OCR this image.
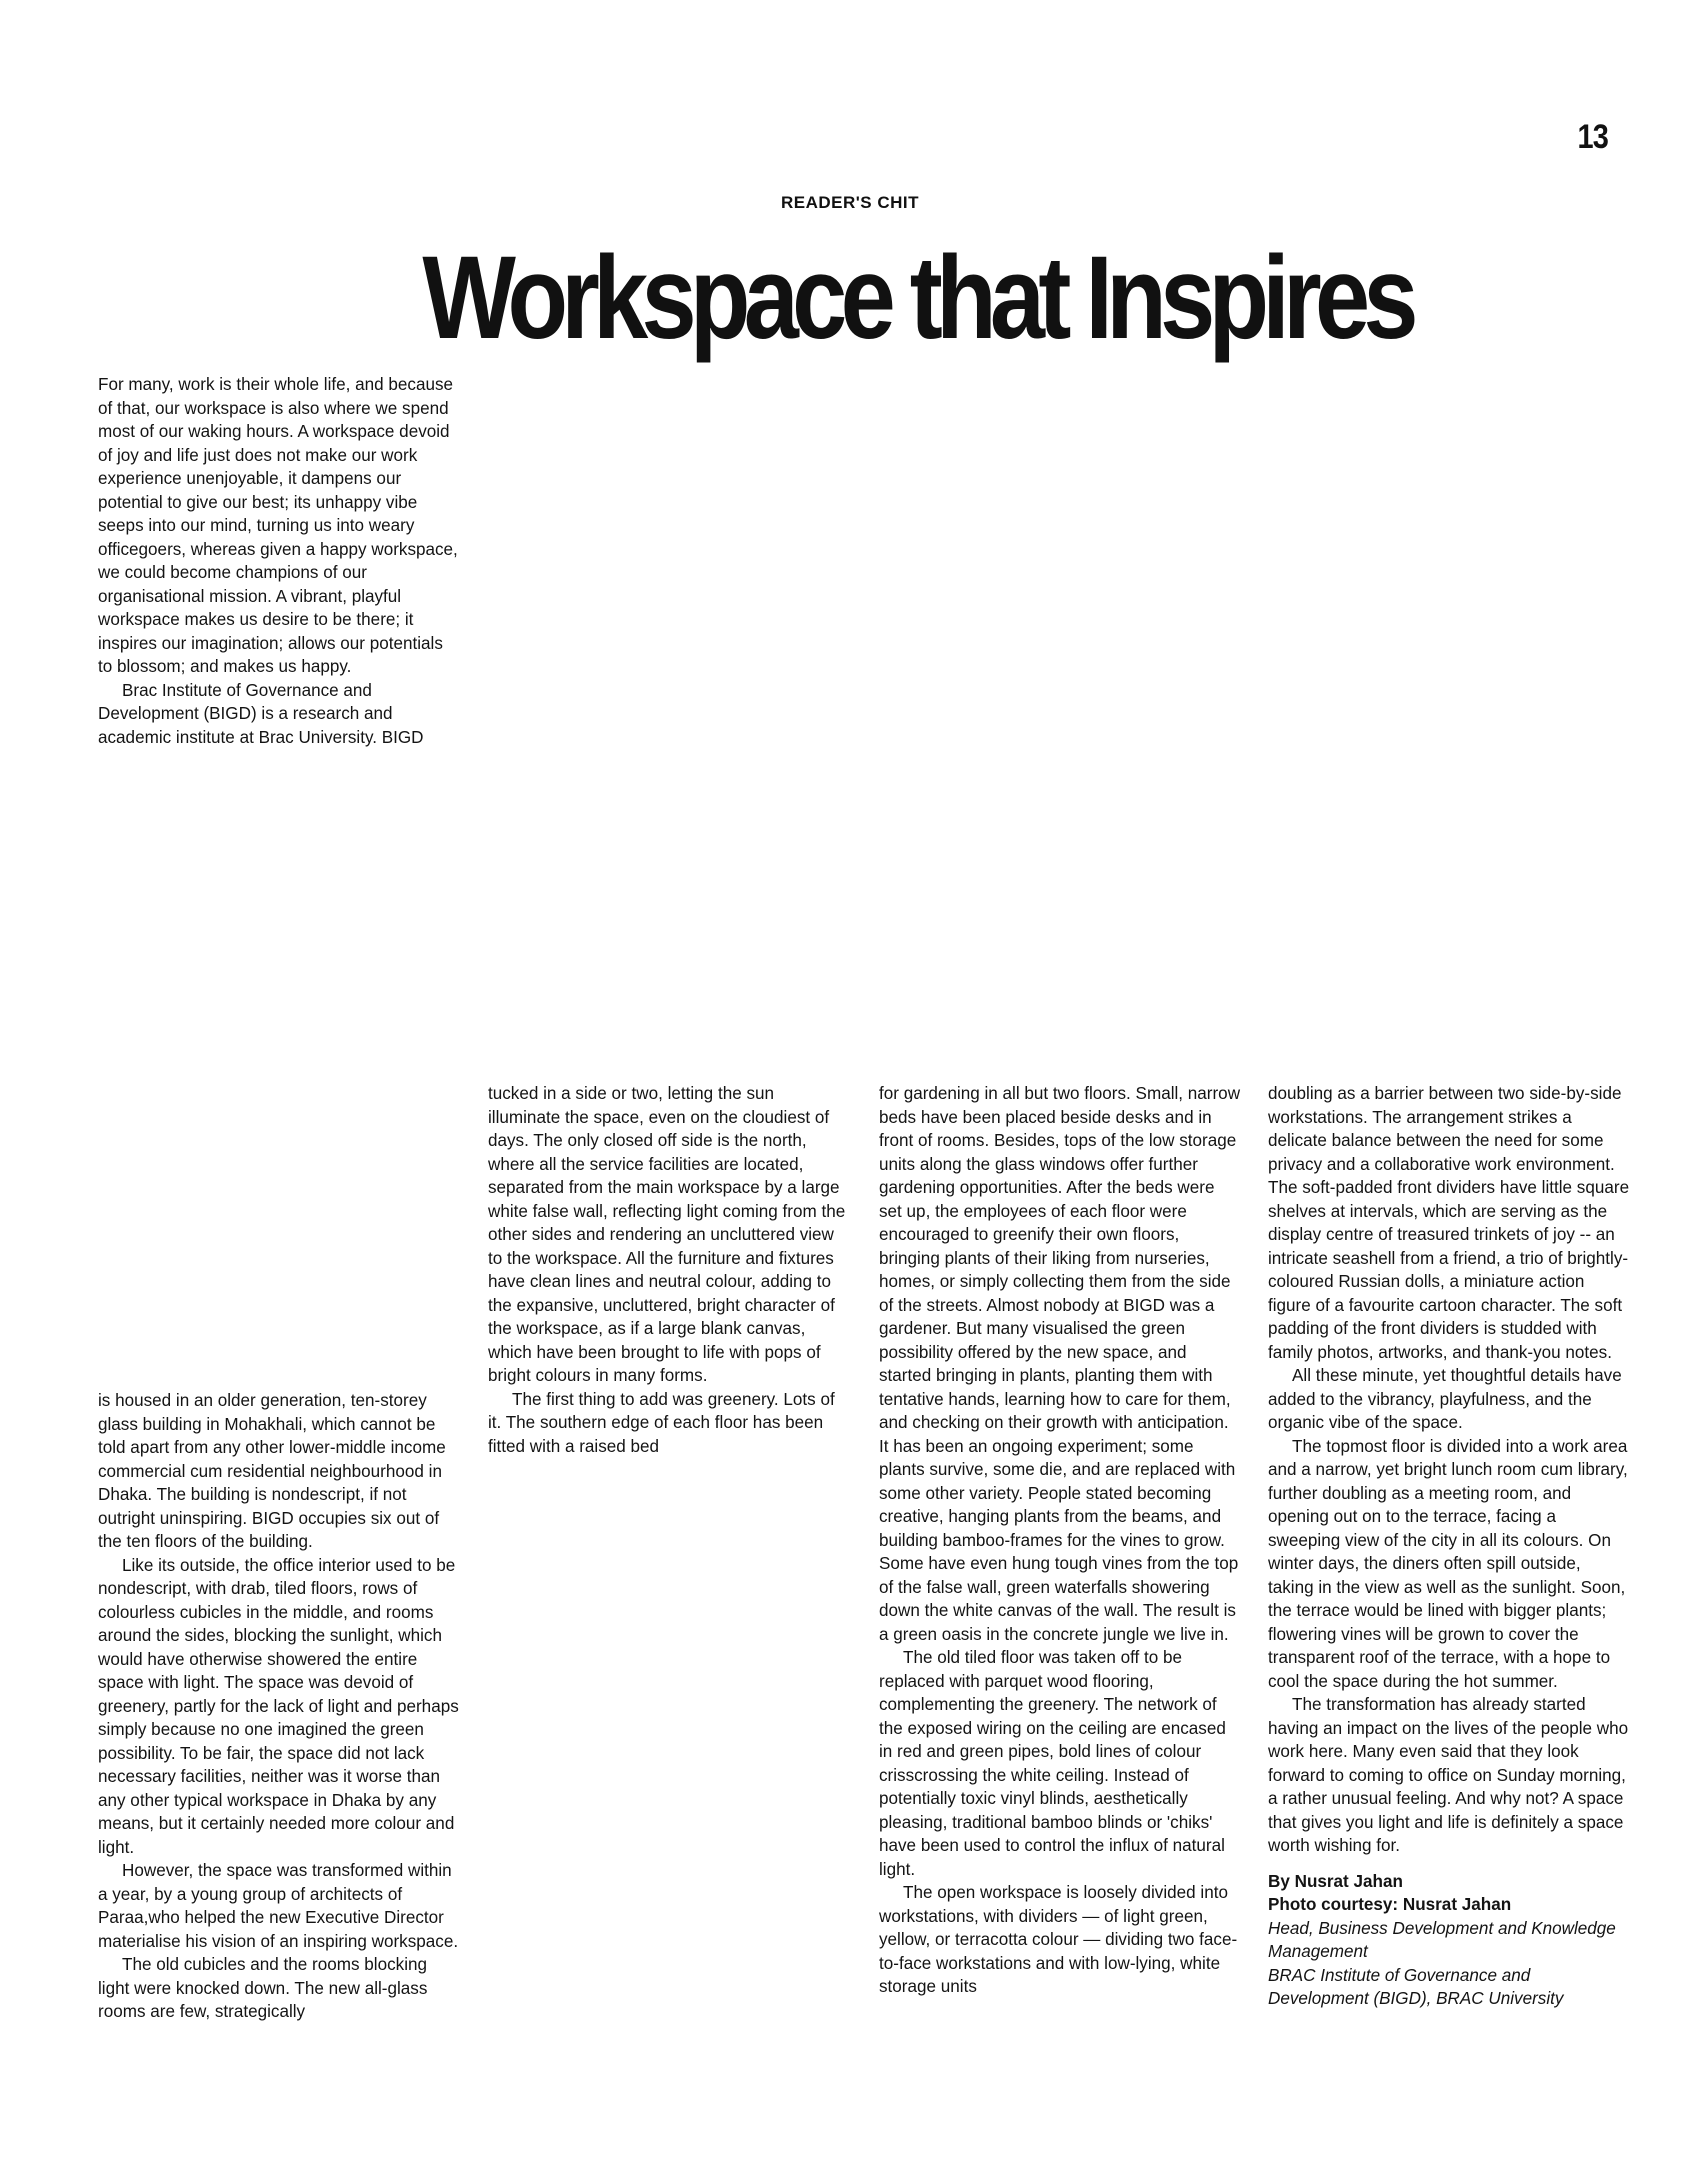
13
READER'S CHIT
Workspace that Inspires

For many, work is their whole life, and because of that, our workspace is also where we spend most of our waking hours. A workspace devoid of joy and life just does not make our work experience unenjoyable, it dampens our potential to give our best; its unhappy vibe seeps into our mind, turning us into weary officegoers, whereas given a happy workspace, we could become champions of our organisational mission. A vibrant, playful workspace makes us desire to be there; it inspires our imagination; allows our potentials to blossom; and makes us happy.

Brac Institute of Governance and Development (BIGD) is a research and academic institute at Brac University. BIGD

is housed in an older generation, ten-storey glass building in Mohakhali, which cannot be told apart from any other lower-middle income commercial cum residential neighbourhood in Dhaka. The building is nondescript, if not outright uninspiring. BIGD occupies six out of the ten floors of the building.

Like its outside, the office interior used to be nondescript, with drab, tiled floors, rows of colourless cubicles in the middle, and rooms around the sides, blocking the sunlight, which would have otherwise showered the entire space with light. The space was devoid of greenery, partly for the lack of light and perhaps simply because no one imagined the green possibility. To be fair, the space did not lack necessary facilities, neither was it worse than any other typical workspace in Dhaka by any means, but it certainly needed more colour and light.

However, the space was transformed within a year, by a young group of architects of Paraa,who helped the new Executive Director materialise his vision of an inspiring workspace.

The old cubicles and the rooms blocking light were knocked down. The new all-glass rooms are few, strategically

tucked in a side or two, letting the sun illuminate the space, even on the cloudiest of days. The only closed off side is the north, where all the service facilities are located, separated from the main workspace by a large white false wall, reflecting light coming from the other sides and rendering an uncluttered view to the workspace. All the furniture and fixtures have clean lines and neutral colour, adding to the expansive, uncluttered, bright character of the workspace, as if a large blank canvas, which have been brought to life with pops of bright colours in many forms.

The first thing to add was greenery. Lots of it. The southern edge of each floor has been fitted with a raised bed

for gardening in all but two floors. Small, narrow beds have been placed beside desks and in front of rooms. Besides, tops of the low storage units along the glass windows offer further gardening opportunities. After the beds were set up, the employees of each floor were encouraged to greenify their own floors, bringing plants of their liking from nurseries, homes, or simply collecting them from the side of the streets. Almost nobody at BIGD was a gardener. But many visualised the green possibility offered by the new space, and started bringing in plants, planting them with tentative hands, learning how to care for them, and checking on their growth with anticipation. It has been an ongoing experiment; some plants survive, some die, and are replaced with some other variety. People stated becoming creative, hanging plants from the beams, and building bamboo-frames for the vines to grow. Some have even hung tough vines from the top of the false wall, green waterfalls showering down the white canvas of the wall. The result is a green oasis in the concrete jungle we live in.

The old tiled floor was taken off to be replaced with parquet wood flooring, complementing the greenery. The network of the exposed wiring on the ceiling are encased in red and green pipes, bold lines of colour crisscrossing the white ceiling. Instead of potentially toxic vinyl blinds, aesthetically pleasing, traditional bamboo blinds or 'chiks' have been used to control the influx of natural light.

The open workspace is loosely divided into workstations, with dividers — of light green, yellow, or terracotta colour — dividing two face-to-face workstations and with low-lying, white storage units

doubling as a barrier between two side-by-side workstations. The arrangement strikes a delicate balance between the need for some privacy and a collaborative work environment. The soft-padded front dividers have little square shelves at intervals, which are serving as the display centre of treasured trinkets of joy -- an intricate seashell from a friend, a trio of brightly-coloured Russian dolls, a miniature action figure of a favourite cartoon character. The soft padding of the front dividers is studded with family photos, artworks, and thank-you notes.

All these minute, yet thoughtful details have added to the vibrancy, playfulness, and the organic vibe of the space.

The topmost floor is divided into a work area and a narrow, yet bright lunch room cum library, further doubling as a meeting room, and opening out on to the terrace, facing a sweeping view of the city in all its colours. On winter days, the diners often spill outside, taking in the view as well as the sunlight. Soon, the terrace would be lined with bigger plants; flowering vines will be grown to cover the transparent roof of the terrace, with a hope to cool the space during the hot summer.

The transformation has already started having an impact on the lives of the people who work here. Many even said that they look forward to coming to office on Sunday morning, a rather unusual feeling. And why not? A space that gives you light and life is definitely a space worth wishing for.

By Nusrat Jahan
Photo courtesy: Nusrat Jahan
Head, Business Development and Knowledge Management
BRAC Institute of Governance and Development (BIGD), BRAC University
